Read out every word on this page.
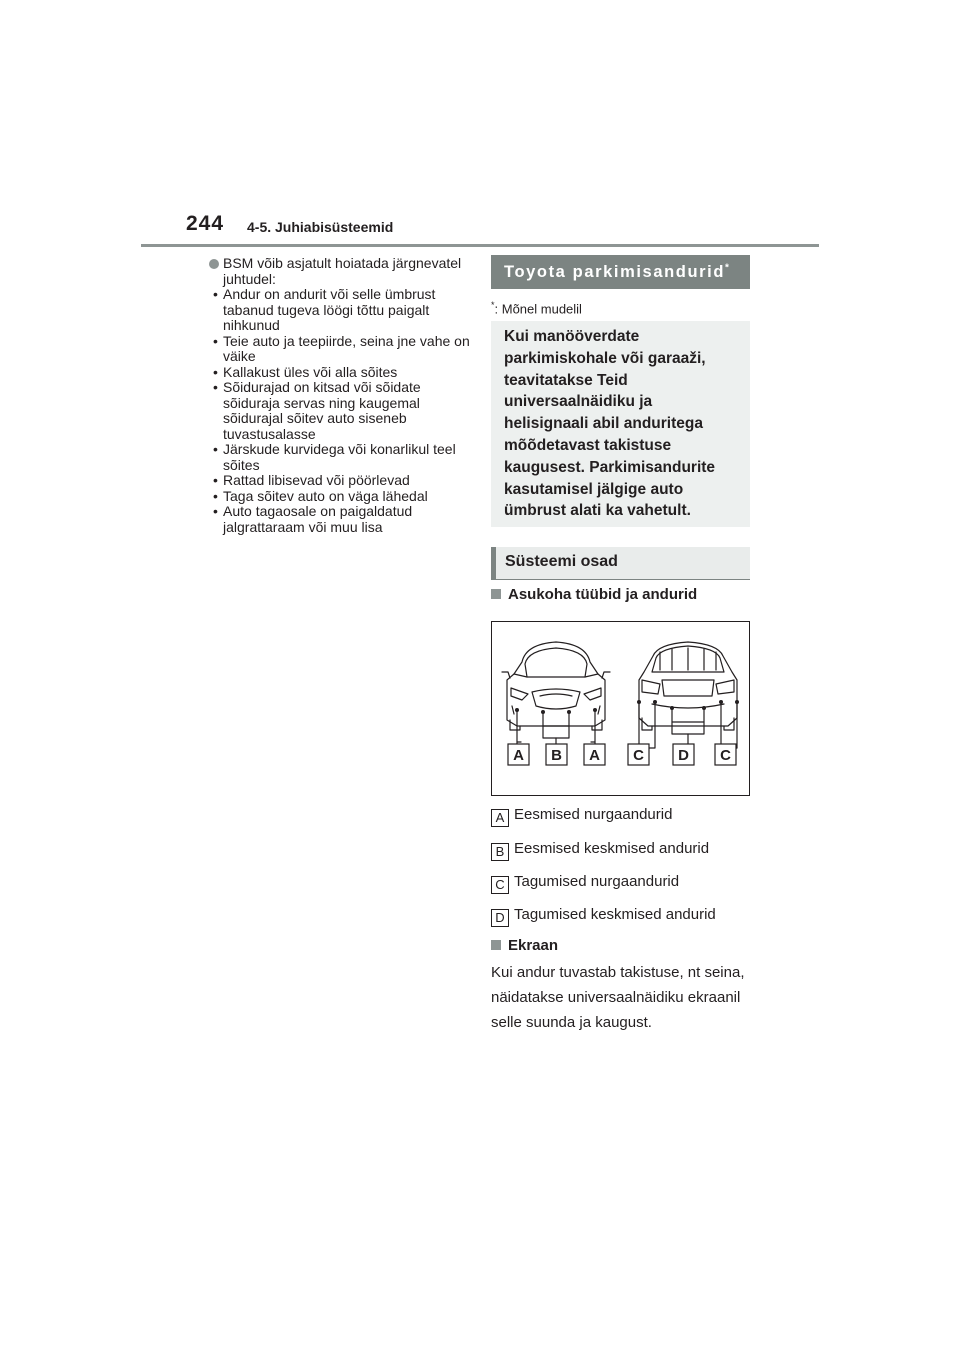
244 4-5. Juhiabisüsteemid
BSM võib asjatult hoiatada järgnevatel juhtudel:
• Andur on andurit või selle ümbrust tabanud tugeva löögi tõttu paigalt nihkunud
• Teie auto ja teepiirde, seina jne vahe on väike
• Kallakust üles või alla sõites
• Sõidurajad on kitsad või sõidate sõiduraja servas ning kaugemal sõidurajal sõitev auto siseneb tuvastusalasse
• Järskude kurvidega või konarlikul teel sõites
• Rattad libisevad või pöörlevad
• Taga sõitev auto on väga lähedal
• Auto tagaosale on paigaldatud jalgrattaraam või muu lisa
Toyota parkimisandurid*
*: Mõnel mudelil
Kui manööverdate parkimiskohale või garaaži, teavitatakse Teid universaalnäidiku ja helisignaali abil anduritega mõõdetavast takistuse kaugusest. Parkimisandurite kasutamisel jälgige auto ümbrust alati ka vahetult.
Süsteemi osad
Asukoha tüübid ja andurid
A B A C D C
A Eesmised nurgaandurid
B Eesmised keskmised andurid
C Tagumised nurgaandurid
D Tagumised keskmised andurid
Ekraan
Kui andur tuvastab takistuse, nt seina, näidatakse universaalnäidiku ekraanil selle suunda ja kaugust.
